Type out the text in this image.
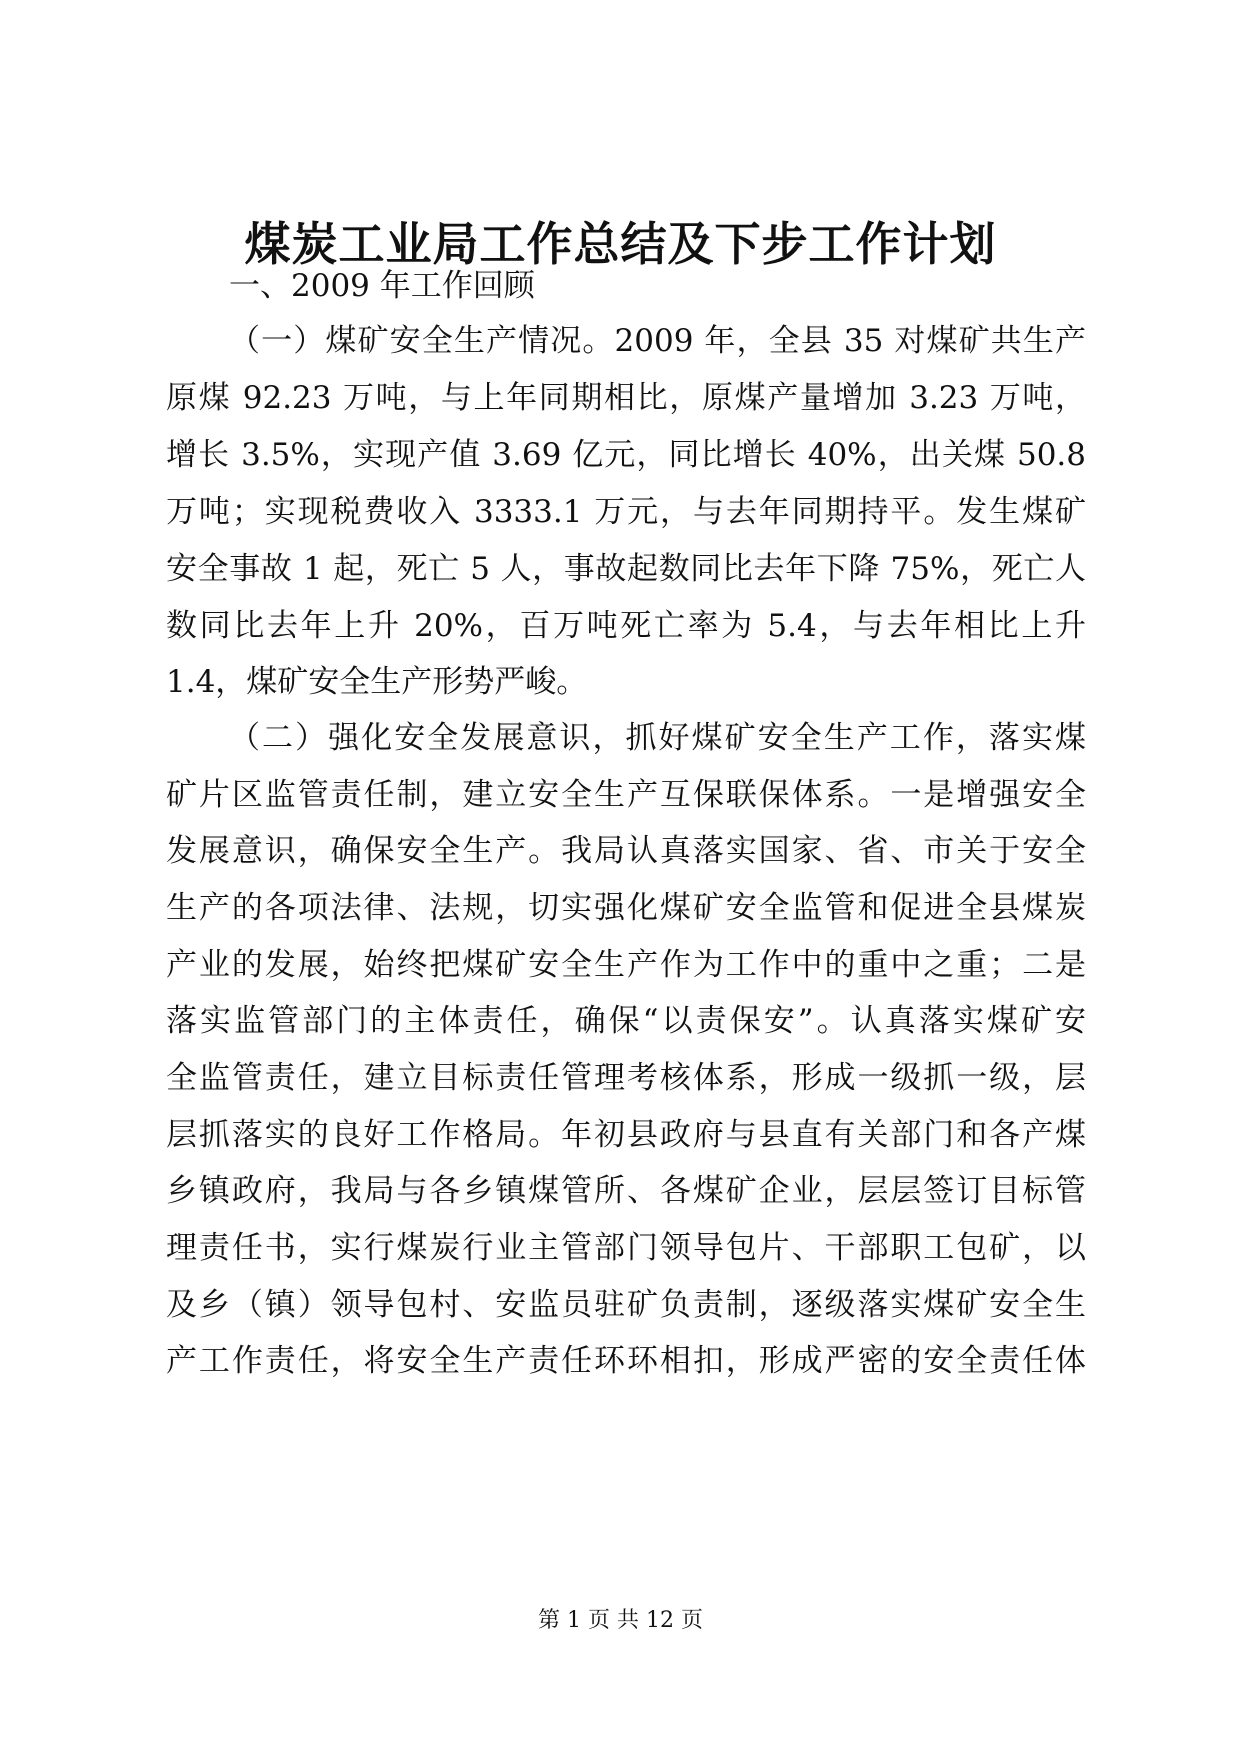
煤炭工业局工作总结及下步工作计划
一、2009 年工作回顾
（一）煤矿安全生产情况。2009 年，全县 35 对煤矿共生产
原煤 92.23 万吨，与上年同期相比，原煤产量增加 3.23 万吨，
增长 3.5%，实现产值 3.69 亿元，同比增长 40%，出关煤 50.8
万吨；实现税费收入 3333.1 万元，与去年同期持平。发生煤矿
安全事故 1 起，死亡 5 人，事故起数同比去年下降 75%，死亡人
数同比去年上升 20%，百万吨死亡率为 5.4，与去年相比上升
1.4，煤矿安全生产形势严峻。
（二）强化安全发展意识，抓好煤矿安全生产工作，落实煤
矿片区监管责任制，建立安全生产互保联保体系。一是增强安全
发展意识，确保安全生产。我局认真落实国家、省、市关于安全
生产的各项法律、法规，切实强化煤矿安全监管和促进全县煤炭
产业的发展，始终把煤矿安全生产作为工作中的重中之重；二是
落实监管部门的主体责任，确保“以责保安”。认真落实煤矿安
全监管责任，建立目标责任管理考核体系，形成一级抓一级，层
层抓落实的良好工作格局。年初县政府与县直有关部门和各产煤
乡镇政府，我局与各乡镇煤管所、各煤矿企业，层层签订目标管
理责任书，实行煤炭行业主管部门领导包片、干部职工包矿，以
及乡（镇）领导包村、安监员驻矿负责制，逐级落实煤矿安全生
产工作责任，将安全生产责任环环相扣，形成严密的安全责任体
第 1 页 共 12 页
